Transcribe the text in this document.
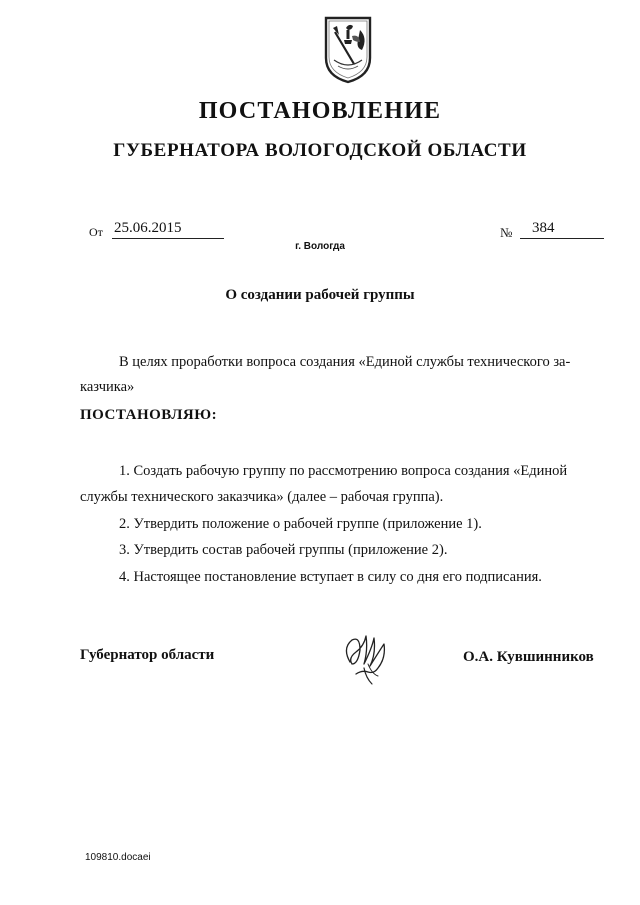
ПОСТАНОВЛЕНИЕ
ГУБЕРНАТОРА ВОЛОГОДСКОЙ ОБЛАСТИ
От 25.06.2015	№	384
г. Вологда
О создании рабочей группы
В целях проработки вопроса создания «Единой службы технического за-
казчика»
ПОСТАНОВЛЯЮ:
1. Создать рабочую группу по рассмотрению вопроса создания «Единой
службы технического заказчика» (далее – рабочая группа).
2. Утвердить положение о рабочей группе (приложение 1).
3. Утвердить состав рабочей группы (приложение 2).
4. Настоящее постановление вступает в силу со дня его подписания.
Губернатор области	О.А. Кувшинников
109810.docaei
